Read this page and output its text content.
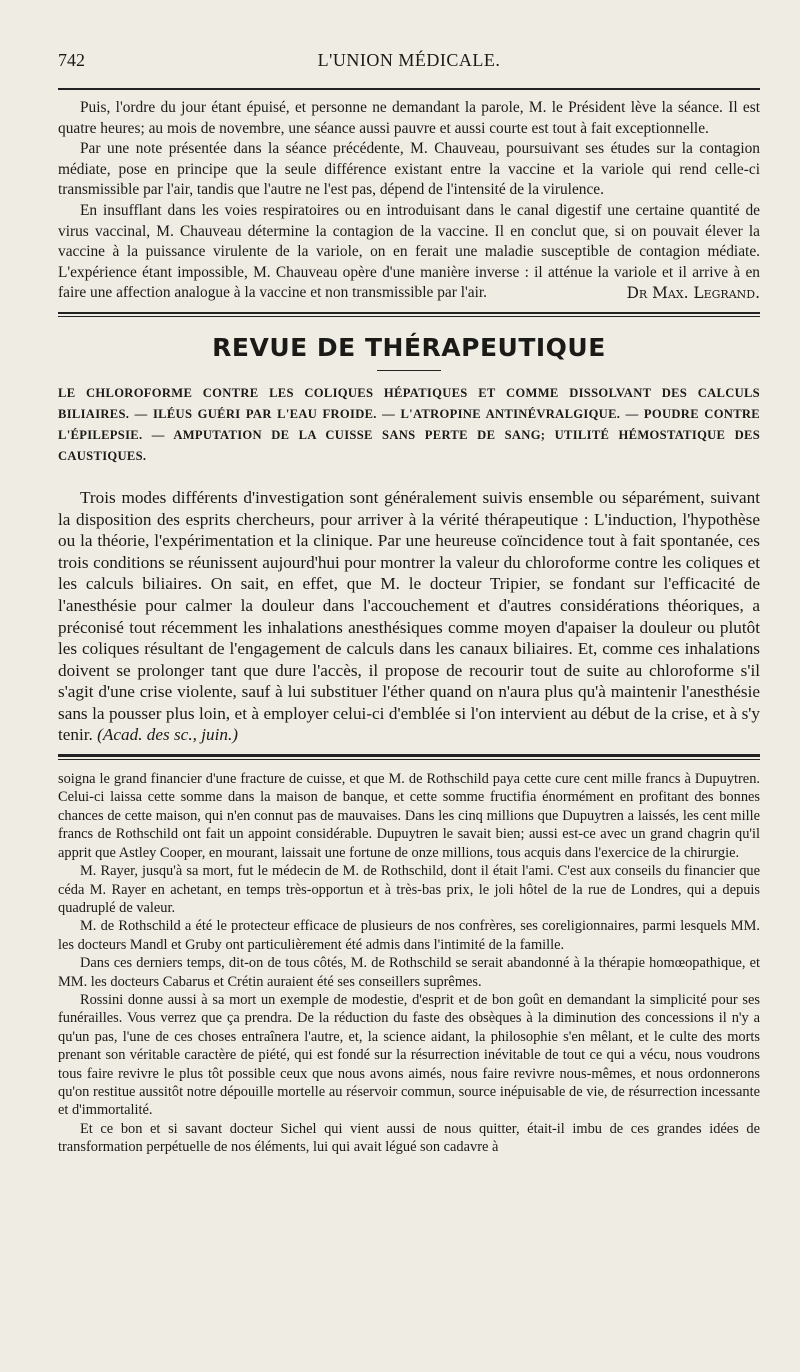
742	L'UNION MÉDICALE.

Puis, l'ordre du jour étant épuisé, et personne ne demandant la parole, M. le Président lève la séance. Il est quatre heures; au mois de novembre, une séance aussi pauvre et aussi courte est tout à fait exceptionnelle.

Par une note présentée dans la séance précédente, M. Chauveau, poursuivant ses études sur la contagion médiate, pose en principe que la seule différence existant entre la vaccine et la variole qui rend celle-ci transmissible par l'air, tandis que l'autre ne l'est pas, dépend de l'intensité de la virulence.

En insufflant dans les voies respiratoires ou en introduisant dans le canal digestif une certaine quantité de virus vaccinal, M. Chauveau détermine la contagion de la vaccine. Il en conclut que, si on pouvait élever la vaccine à la puissance virulente de la variole, on en ferait une maladie susceptible de contagion médiate. L'expérience étant impossible, M. Chauveau opère d'une manière inverse : il atténue la variole et il arrive à en faire une affection analogue à la vaccine et non transmissible par l'air.	Dr Max. Legrand.
REVUE DE THÉRAPEUTIQUE

LE CHLOROFORME CONTRE LES COLIQUES HÉPATIQUES ET COMME DISSOLVANT DES CALCULS BILIAIRES. — ILÉUS GUÉRI PAR L'EAU FROIDE. — L'ATROPINE ANTINÉVRALGIQUE. — POUDRE CONTRE L'ÉPILEPSIE. — AMPUTATION DE LA CUISSE SANS PERTE DE SANG; UTILITÉ HÉMOSTATIQUE DES CAUSTIQUES.

Trois modes différents d'investigation sont généralement suivis ensemble ou séparément, suivant la disposition des esprits chercheurs, pour arriver à la vérité thérapeutique : L'induction, l'hypothèse ou la théorie, l'expérimentation et la clinique. Par une heureuse coïncidence tout à fait spontanée, ces trois conditions se réunissent aujourd'hui pour montrer la valeur du chloroforme contre les coliques et les calculs biliaires. On sait, en effet, que M. le docteur Tripier, se fondant sur l'efficacité de l'anesthésie pour calmer la douleur dans l'accouchement et d'autres considérations théoriques, a préconisé tout récemment les inhalations anesthésiques comme moyen d'apaiser la douleur ou plutôt les coliques résultant de l'engagement de calculs dans les canaux biliaires. Et, comme ces inhalations doivent se prolonger tant que dure l'accès, il propose de recourir tout de suite au chloroforme s'il s'agit d'une crise violente, sauf à lui substituer l'éther quand on n'aura plus qu'à maintenir l'anesthésie sans la pousser plus loin, et à employer celui-ci d'emblée si l'on intervient au début de la crise, et à s'y tenir. (Acad. des sc., juin.)

soigna le grand financier d'une fracture de cuisse, et que M. de Rothschild paya cette cure cent mille francs à Dupuytren. Celui-ci laissa cette somme dans la maison de banque, et cette somme fructifia énormément en profitant des bonnes chances de cette maison, qui n'en connut pas de mauvaises. Dans les cinq millions que Dupuytren a laissés, les cent mille francs de Rothschild ont fait un appoint considérable. Dupuytren le savait bien; aussi est-ce avec un grand chagrin qu'il apprit que Astley Cooper, en mourant, laissait une fortune de onze millions, tous acquis dans l'exercice de la chirurgie.

M. Rayer, jusqu'à sa mort, fut le médecin de M. de Rothschild, dont il était l'ami. C'est aux conseils du financier que céda M. Rayer en achetant, en temps très-opportun et à très-bas prix, le joli hôtel de la rue de Londres, qui a depuis quadruplé de valeur.

M. de Rothschild a été le protecteur efficace de plusieurs de nos confrères, ses coreligionnaires, parmi lesquels MM. les docteurs Mandl et Gruby ont particulièrement été admis dans l'intimité de la famille.

Dans ces derniers temps, dit-on de tous côtés, M. de Rothschild se serait abandonné à la thérapie homœopathique, et MM. les docteurs Cabarus et Crétin auraient été ses conseillers suprêmes.

Rossini donne aussi à sa mort un exemple de modestie, d'esprit et de bon goût en demandant la simplicité pour ses funérailles. Vous verrez que ça prendra. De la réduction du faste des obsèques à la diminution des concessions il n'y a qu'un pas, l'une de ces choses entraînera l'autre, et, la science aidant, la philosophie s'en mêlant, et le culte des morts prenant son véritable caractère de piété, qui est fondé sur la résurrection inévitable de tout ce qui a vécu, nous voudrons tous faire revivre le plus tôt possible ceux que nous avons aimés, nous faire revivre nous-mêmes, et nous ordonnerons qu'on restitue aussitôt notre dépouille mortelle au réservoir commun, source inépuisable de vie, de résurrection incessante et d'immortalité.

Et ce bon et si savant docteur Sichel qui vient aussi de nous quitter, était-il imbu de ces grandes idées de transformation perpétuelle de nos éléments, lui qui avait légué son cadavre à
